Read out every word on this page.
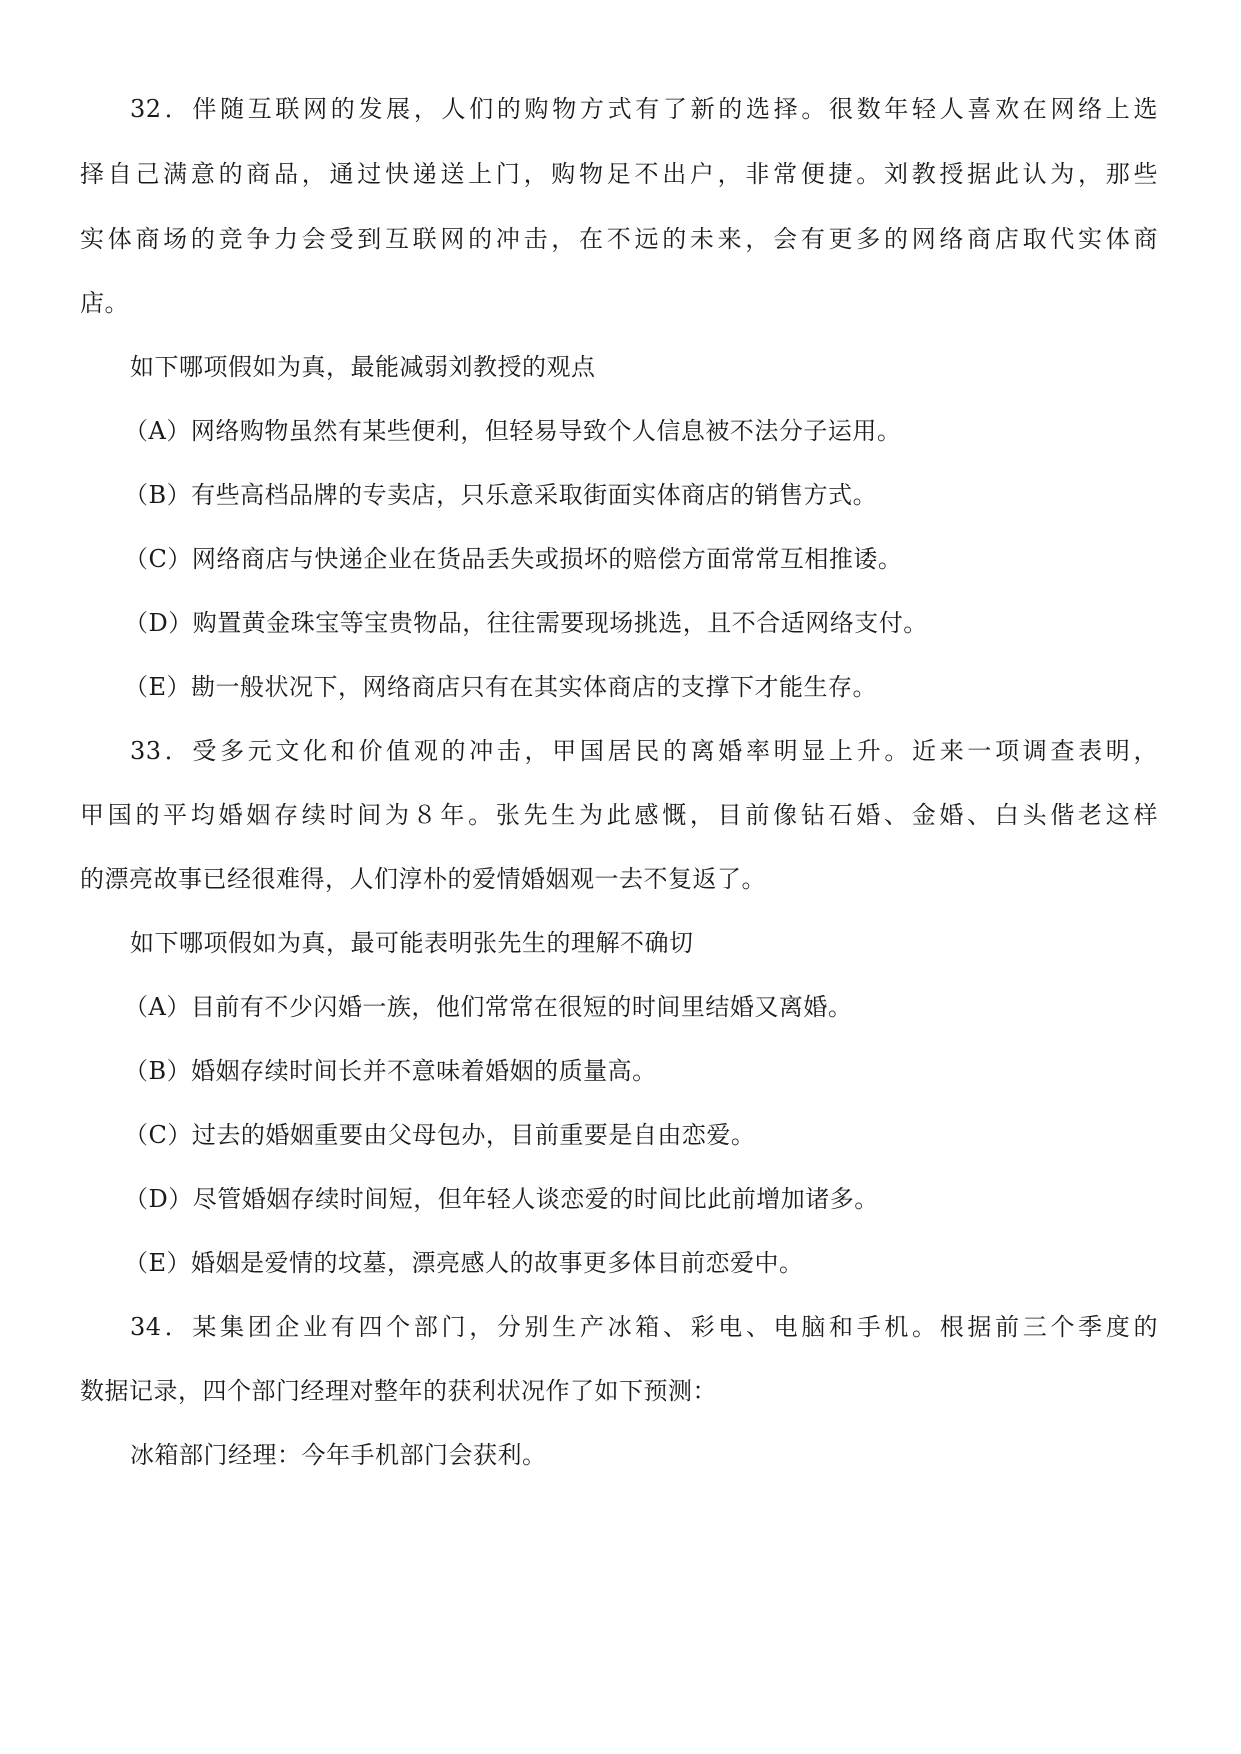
32．伴随互联网的发展，人们的购物方式有了新的选择。很数年轻人喜欢在网络上选
择自己满意的商品，通过快递送上门，购物足不出户，非常便捷。刘教授据此认为，那些
实体商场的竞争力会受到互联网的冲击，在不远的未来，会有更多的网络商店取代实体商
店。
如下哪项假如为真，最能减弱刘教授的观点
（A）网络购物虽然有某些便利，但轻易导致个人信息被不法分子运用。
（B）有些高档品牌的专卖店，只乐意采取街面实体商店的销售方式。
（C）网络商店与快递企业在货品丢失或损坏的赔偿方面常常互相推诿。
（D）购置黄金珠宝等宝贵物品，往往需要现场挑选，且不合适网络支付。
（E）勘一般状况下，网络商店只有在其实体商店的支撑下才能生存。
33．受多元文化和价值观的冲击，甲国居民的离婚率明显上升。近来一项调查表明，
甲国的平均婚姻存续时间为８年。张先生为此感慨，目前像钻石婚、金婚、白头偕老这样
的漂亮故事已经很难得，人们淳朴的爱情婚姻观一去不复返了。
如下哪项假如为真，最可能表明张先生的理解不确切
（A）目前有不少闪婚一族，他们常常在很短的时间里结婚又离婚。
（B）婚姻存续时间长并不意味着婚姻的质量高。
（C）过去的婚姻重要由父母包办，目前重要是自由恋爱。
（D）尽管婚姻存续时间短，但年轻人谈恋爱的时间比此前增加诸多。
（E）婚姻是爱情的坟墓，漂亮感人的故事更多体目前恋爱中。
34．某集团企业有四个部门，分别生产冰箱、彩电、电脑和手机。根据前三个季度的
数据记录，四个部门经理对整年的获利状况作了如下预测：
冰箱部门经理：今年手机部门会获利。
